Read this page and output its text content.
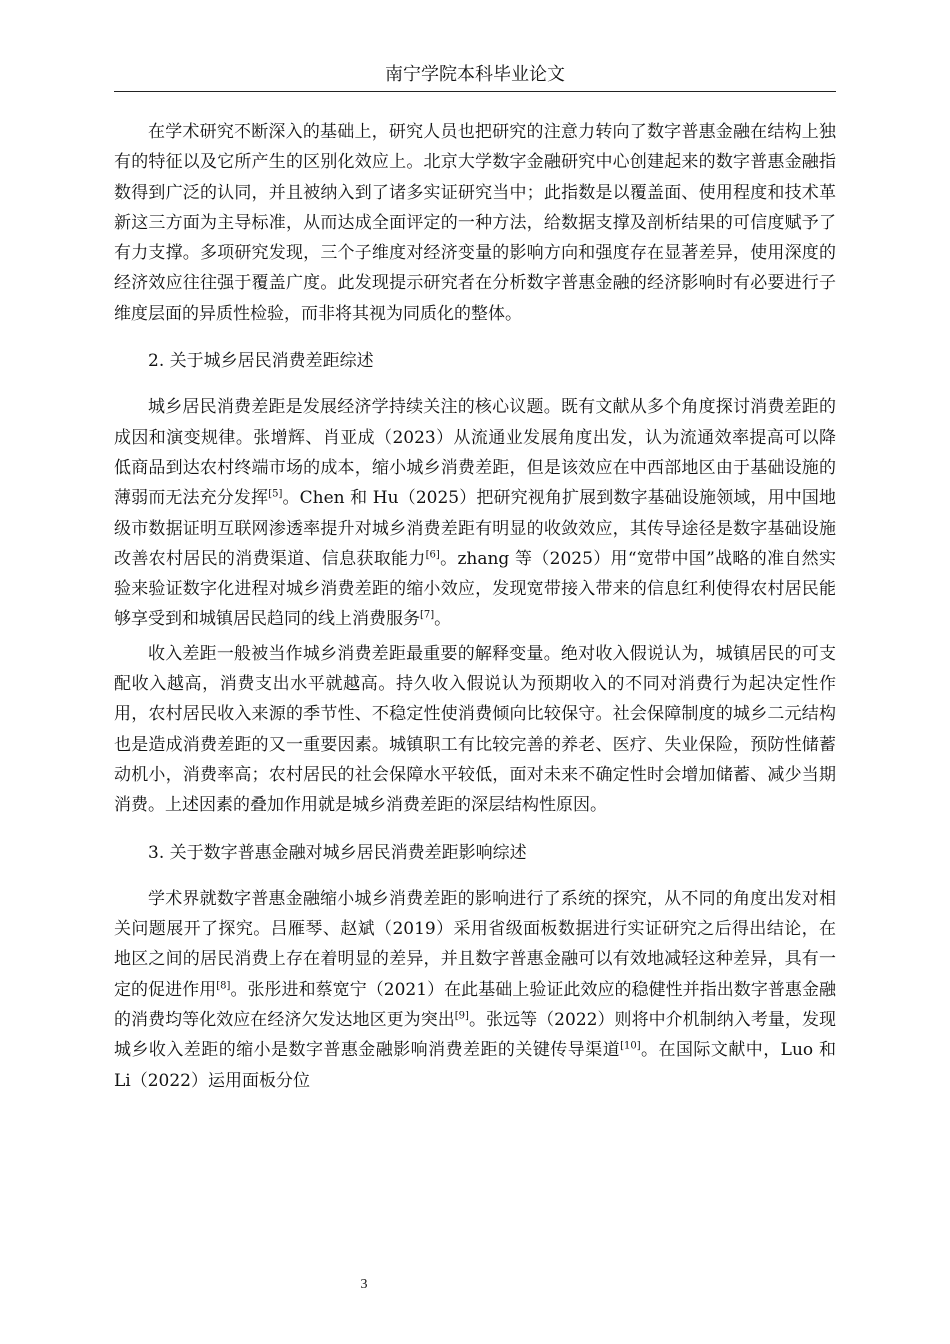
南宁学院本科毕业论文

在学术研究不断深入的基础上，研究人员也把研究的注意力转向了数字普惠金融在结构上独有的特征以及它所产生的区别化效应上。北京大学数字金融研究中心创建起来的数字普惠金融指数得到广泛的认同，并且被纳入到了诸多实证研究当中；此指数是以覆盖面、使用程度和技术革新这三方面为主导标准，从而达成全面评定的一种方法，给数据支撑及剖析结果的可信度赋予了有力支撑。多项研究发现，三个子维度对经济变量的影响方向和强度存在显著差异，使用深度的经济效应往往强于覆盖广度。此发现提示研究者在分析数字普惠金融的经济影响时有必要进行子维度层面的异质性检验，而非将其视为同质化的整体。

2. 关于城乡居民消费差距综述

城乡居民消费差距是发展经济学持续关注的核心议题。既有文献从多个角度探讨消费差距的成因和演变规律。张增辉、肖亚成（2023）从流通业发展角度出发，认为流通效率提高可以降低商品到达农村终端市场的成本，缩小城乡消费差距，但是该效应在中西部地区由于基础设施的薄弱而无法充分发挥[5]。Chen 和 Hu（2025）把研究视角扩展到数字基础设施领域，用中国地级市数据证明互联网渗透率提升对城乡消费差距有明显的收敛效应，其传导途径是数字基础设施改善农村居民的消费渠道、信息获取能力[6]。zhang 等（2025）用“宽带中国”战略的准自然实验来验证数字化进程对城乡消费差距的缩小效应，发现宽带接入带来的信息红利使得农村居民能够享受到和城镇居民趋同的线上消费服务[7]。

收入差距一般被当作城乡消费差距最重要的解释变量。绝对收入假说认为，城镇居民的可支配收入越高，消费支出水平就越高。持久收入假说认为预期收入的不同对消费行为起决定性作用，农村居民收入来源的季节性、不稳定性使消费倾向比较保守。社会保障制度的城乡二元结构也是造成消费差距的又一重要因素。城镇职工有比较完善的养老、医疗、失业保险，预防性储蓄动机小，消费率高；农村居民的社会保障水平较低，面对未来不确定性时会增加储蓄、减少当期消费。上述因素的叠加作用就是城乡消费差距的深层结构性原因。

3. 关于数字普惠金融对城乡居民消费差距影响综述

学术界就数字普惠金融缩小城乡消费差距的影响进行了系统的探究，从不同的角度出发对相关问题展开了探究。吕雁琴、赵斌（2019）采用省级面板数据进行实证研究之后得出结论，在地区之间的居民消费上存在着明显的差异，并且数字普惠金融可以有效地减轻这种差异，具有一定的促进作用[8]。张彤进和蔡宽宁（2021）在此基础上验证此效应的稳健性并指出数字普惠金融的消费均等化效应在经济欠发达地区更为突出[9]。张远等（2022）则将中介机制纳入考量，发现城乡收入差距的缩小是数字普惠金融影响消费差距的关键传导渠道[10]。在国际文献中，Luo 和 Li（2022）运用面板分位

3
